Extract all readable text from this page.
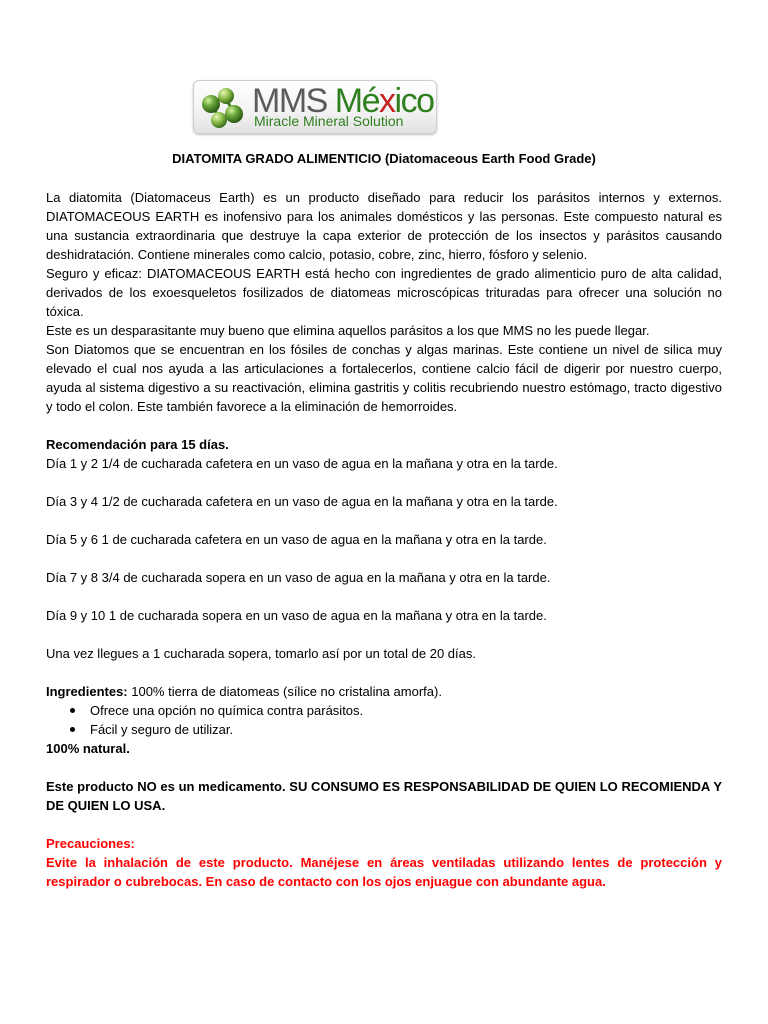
MMS México
Miracle Mineral Solution
DIATOMITA GRADO ALIMENTICIO (Diatomaceous Earth Food Grade)

La diatomita (Diatomaceus Earth) es un producto diseñado para reducir los parásitos internos y externos. DIATOMACEOUS EARTH es inofensivo para los animales domésticos y las personas. Este compuesto natural es una sustancia extraordinaria que destruye la capa exterior de protección de los insectos y parásitos causando deshidratación. Contiene minerales como calcio, potasio, cobre, zinc, hierro, fósforo y selenio.

Seguro y eficaz: DIATOMACEOUS EARTH está hecho con ingredientes de grado alimenticio puro de alta calidad, derivados de los exoesqueletos fosilizados de diatomeas microscópicas trituradas para ofrecer una solución no tóxica.

Este es un desparasitante muy bueno que elimina aquellos parásitos a los que MMS no les puede llegar.

Son Diatomos que se encuentran en los fósiles de conchas y algas marinas. Este contiene un nivel de silica muy elevado el cual nos ayuda a las articulaciones a fortalecerlos, contiene calcio fácil de digerir por nuestro cuerpo, ayuda al sistema digestivo a su reactivación, elimina gastritis y colitis recubriendo nuestro estómago, tracto digestivo y todo el colon. Este también favorece a la eliminación de hemorroides.

Recomendación para 15 días.

Día 1 y 2 1/4 de cucharada cafetera en un vaso de agua en la mañana y otra en la tarde.

Día 3 y 4 1/2 de cucharada cafetera en un vaso de agua en la mañana y otra en la tarde.

Día 5 y 6 1 de cucharada cafetera en un vaso de agua en la mañana y otra en la tarde.

Día 7 y 8 3/4 de cucharada sopera en un vaso de agua en la mañana y otra en la tarde.

Día 9 y 10 1 de cucharada sopera en un vaso de agua en la mañana y otra en la tarde.

Una vez llegues a 1 cucharada sopera, tomarlo así por un total de 20 días.

Ingredientes: 100% tierra de diatomeas (sílice no cristalina amorfa).

Ofrece una opción no química contra parásitos.
Fácil y seguro de utilizar.

100% natural.

Este producto NO es un medicamento. SU CONSUMO ES RESPONSABILIDAD DE QUIEN LO RECOMIENDA Y DE QUIEN LO USA.

Precauciones:

Evite la inhalación de este producto. Manéjese en áreas ventiladas utilizando lentes de protección y respirador o cubrebocas. En caso de contacto con los ojos enjuague con abundante agua.
